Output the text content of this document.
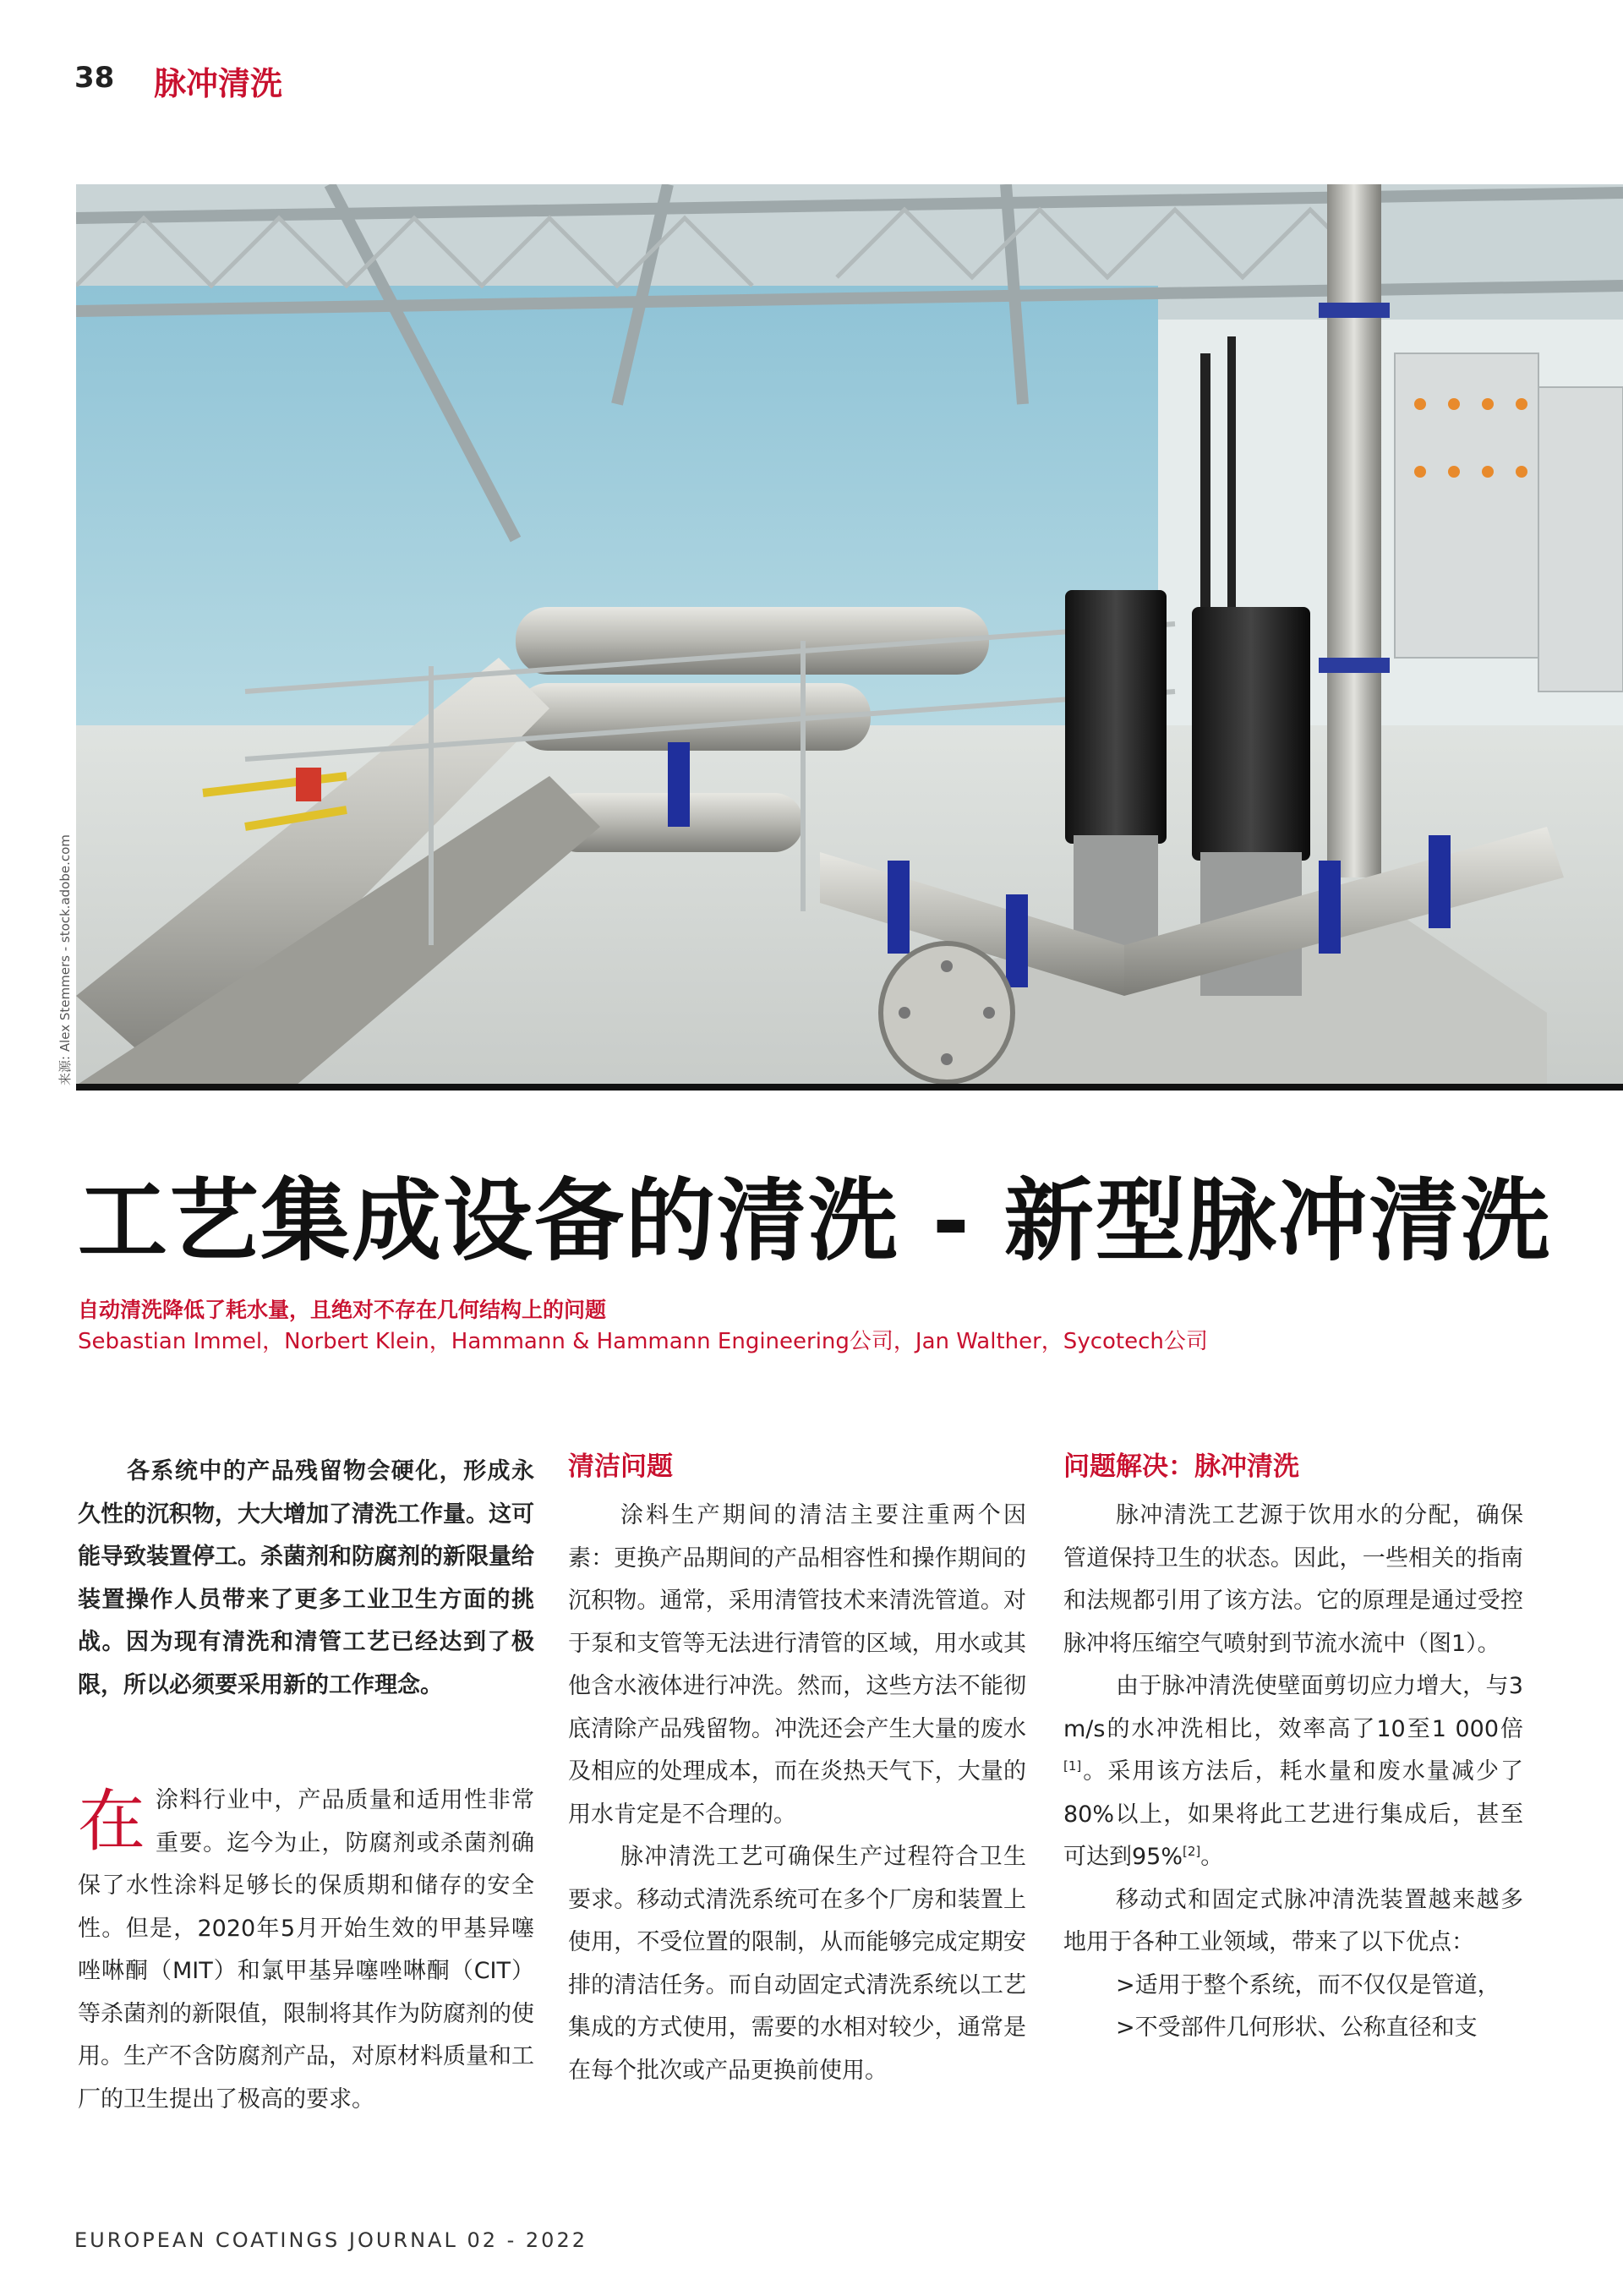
38 脉冲清洗
来源: Alex Stemmers - stock.adobe.com
工艺集成设备的清洗 - 新型脉冲清洗
自动清洗降低了耗水量，且绝对不存在几何结构上的问题
Sebastian Immel，Norbert Klein，Hammann & Hammann Engineering公司，Jan Walther，Sycotech公司

各系统中的产品残留物会硬化，形成永久性的沉积物，大大增加了清洗工作量。这可能导致装置停工。杀菌剂和防腐剂的新限量给装置操作人员带来了更多工业卫生方面的挑战。因为现有清洗和清管工艺已经达到了极限，所以必须要采用新的工作理念。

在涂料行业中，产品质量和适用性非常重要。迄今为止，防腐剂或杀菌剂确保了水性涂料足够长的保质期和储存的安全性。但是，2020年5月开始生效的甲基异噻唑啉酮（MIT）和氯甲基异噻唑啉酮（CIT）等杀菌剂的新限值，限制将其作为防腐剂的使用。生产不含防腐剂产品，对原材料质量和工厂的卫生提出了极高的要求。

清洁问题

涂料生产期间的清洁主要注重两个因素：更换产品期间的产品相容性和操作期间的沉积物。通常，采用清管技术来清洗管道。对于泵和支管等无法进行清管的区域，用水或其他含水液体进行冲洗。然而，这些方法不能彻底清除产品残留物。冲洗还会产生大量的废水及相应的处理成本，而在炎热天气下，大量的用水肯定是不合理的。

脉冲清洗工艺可确保生产过程符合卫生要求。移动式清洗系统可在多个厂房和装置上使用，不受位置的限制，从而能够完成定期安排的清洁任务。而自动固定式清洗系统以工艺集成的方式使用，需要的水相对较少，通常是在每个批次或产品更换前使用。

问题解决：脉冲清洗

脉冲清洗工艺源于饮用水的分配，确保管道保持卫生的状态。因此，一些相关的指南和法规都引用了该方法。它的原理是通过受控脉冲将压缩空气喷射到节流水流中（图1）。

由于脉冲清洗使壁面剪切应力增大，与3 m/s的水冲洗相比，效率高了10至1 000倍[1]。采用该方法后，耗水量和废水量减少了80%以上，如果将此工艺进行集成后，甚至可达到95%[2]。

移动式和固定式脉冲清洗装置越来越多地用于各种工业领域，带来了以下优点：

>适用于整个系统，而不仅仅是管道，

>不受部件几何形状、公称直径和支

EUROPEAN COATINGS JOURNAL 02 - 2022
